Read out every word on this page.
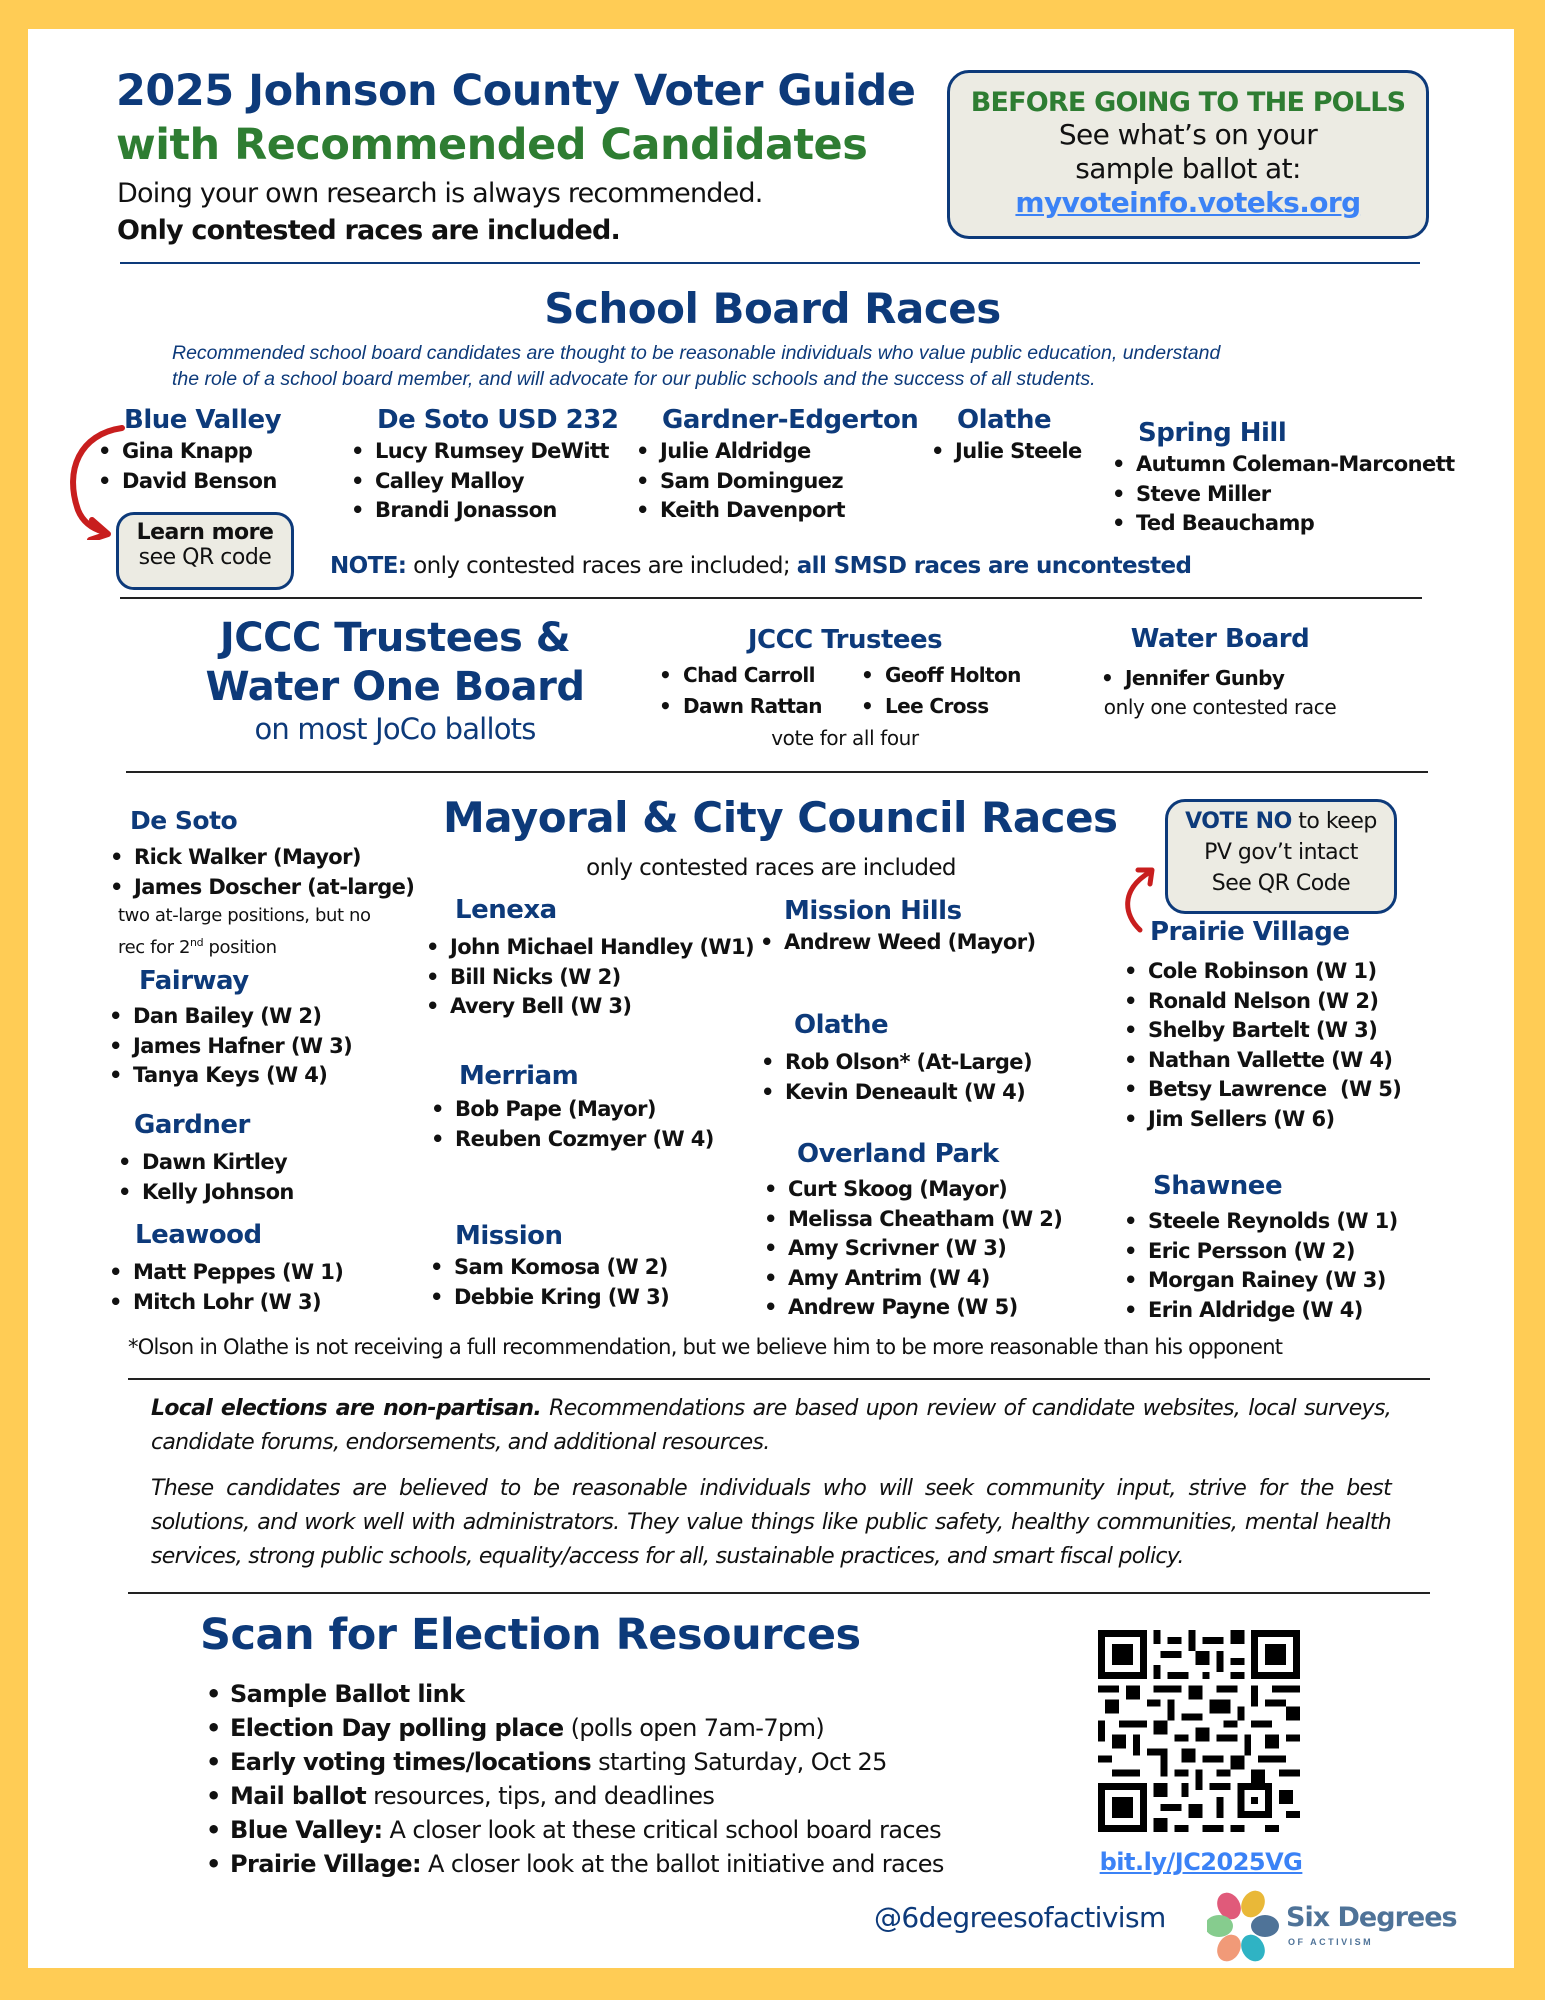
2025 Johnson County Voter Guide
with Recommended Candidates
Doing your own research is always recommended.
Only contested races are included.
BEFORE GOING TO THE POLLS
See what’s on your
sample ballot at:
myvoteinfo.voteks.org
School Board Races
Recommended school board candidates are thought to be reasonable individuals who value public education, understand
the role of a school board member, and will advocate for our public schools and the success of all students.
Blue Valley
• Gina Knapp
• David Benson
Learn more
see QR code
De Soto USD 232
• Lucy Rumsey DeWitt
• Calley Malloy
• Brandi Jonasson
Gardner-Edgerton
• Julie Aldridge
• Sam Dominguez
• Keith Davenport
Olathe
• Julie Steele
Spring Hill
• Autumn Coleman-Marconett
• Steve Miller
• Ted Beauchamp
NOTE: only contested races are included; all SMSD races are uncontested
JCCC Trustees &
Water One Board
on most JoCo ballots
JCCC Trustees
• Chad Carroll
• Dawn Rattan
• Geoff Holton
• Lee Cross
vote for all four
Water Board
• Jennifer Gunby
only one contested race
Mayoral & City Council Races
only contested races are included
VOTE NO to keep
PV gov’t intact
See QR Code
De Soto
• Rick Walker (Mayor)
• James Doscher (at-large)
two at-large positions, but no
rec for 2nd position
Fairway
• Dan Bailey (W 2)
• James Hafner (W 3)
• Tanya Keys (W 4)
Gardner
• Dawn Kirtley
• Kelly Johnson
Leawood
• Matt Peppes (W 1)
• Mitch Lohr (W 3)
Lenexa
• John Michael Handley (W1)
• Bill Nicks (W 2)
• Avery Bell (W 3)
Merriam
• Bob Pape (Mayor)
• Reuben Cozmyer (W 4)
Mission
• Sam Komosa (W 2)
• Debbie Kring (W 3)
Mission Hills
• Andrew Weed (Mayor)
Olathe
• Rob Olson* (At-Large)
• Kevin Deneault (W 4)
Overland Park
• Curt Skoog (Mayor)
• Melissa Cheatham (W 2)
• Amy Scrivner (W 3)
• Amy Antrim (W 4)
• Andrew Payne (W 5)
Prairie Village
• Cole Robinson (W 1)
• Ronald Nelson (W 2)
• Shelby Bartelt (W 3)
• Nathan Vallette (W 4)
• Betsy Lawrence  (W 5)
• Jim Sellers (W 6)
Shawnee
• Steele Reynolds (W 1)
• Eric Persson (W 2)
• Morgan Rainey (W 3)
• Erin Aldridge (W 4)
*Olson in Olathe is not receiving a full recommendation, but we believe him to be more reasonable than his opponent

Local elections are non-partisan. Recommendations are based upon review of candidate websites, local surveys, candidate forums, endorsements, and additional resources.

These candidates are believed to be reasonable individuals who will seek community input, strive for the best solutions, and work well with administrators. They value things like public safety, healthy communities, mental health services, strong public schools, equality/access for all, sustainable practices, and smart fiscal policy.

Scan for Election Resources
• Sample Ballot link
• Election Day polling place (polls open 7am-7pm)
• Early voting times/locations starting Saturday, Oct 25
• Mail ballot resources, tips, and deadlines
• Blue Valley: A closer look at these critical school board races
• Prairie Village: A closer look at the ballot initiative and races	bit.ly/JC2025VG
@6degreesofactivism	Six Degrees
OF ACTIVISM
